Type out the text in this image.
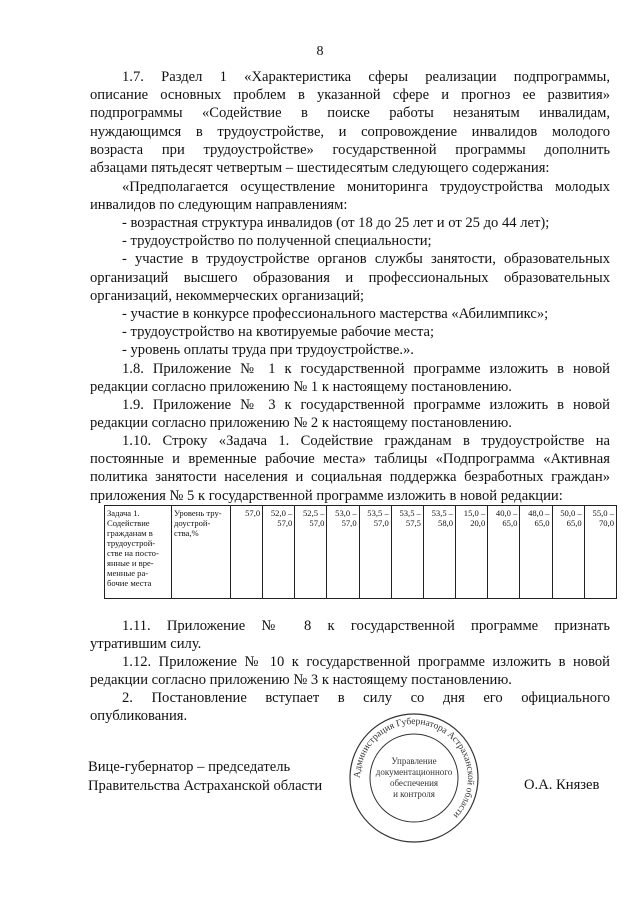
8
1.7. Раздел 1 «Характеристика сферы реализации подпрограммы,
описание основных проблем в указанной сфере и прогноз ее развития»
подпрограммы «Содействие в поиске работы незанятым инвалидам,
нуждающимся в трудоустройстве, и сопровождение инвалидов молодого
возраста при трудоустройстве» государственной программы дополнить
абзацами пятьдесят четвертым – шестидесятым следующего содержания:
«Предполагается осуществление мониторинга трудоустройства молодых
инвалидов по следующим направлениям:
- возрастная структура инвалидов (от 18 до 25 лет и от 25 до 44 лет);
- трудоустройство по полученной специальности;
- участие в трудоустройстве органов службы занятости, образовательных
организаций высшего образования и профессиональных образовательных
организаций, некоммерческих организаций;
- участие в конкурсе профессионального мастерства «Абилимпикс»;
- трудоустройство на квотируемые рабочие места;
- уровень оплаты труда при трудоустройстве.».
1.8. Приложение № 1 к государственной программе изложить в новой
редакции согласно приложению № 1 к настоящему постановлению.
1.9. Приложение № 3 к государственной программе изложить в новой
редакции согласно приложению № 2 к настоящему постановлению.
1.10. Строку «Задача 1. Содействие гражданам в трудоустройстве на
постоянные и временные рабочие места» таблицы «Подпрограмма «Активная
политика занятости населения и социальная поддержка безработных граждан»
приложения № 5 к государственной программе изложить в новой редакции:
Задача 1. Содействие гражданам в трудоустрой-стве на посто-янные и вре-менные ра-бочие места	Уровень тру-доустрой-ства,%	57,0	52,0 – 57,0	52,5 – 57,0	53,0 – 57,0	53,5 – 57,0	53,5 – 57,5	53,5 – 58,0	15,0 – 20,0	40,0 – 65,0	48,0 – 65,0	50,0 – 65,0	55,0 – 70,0
1.11. Приложение № 8 к государственной программе признать
утратившим силу.
1.12. Приложение № 10 к государственной программе изложить в новой
редакции согласно приложению № 3 к настоящему постановлению.
2. Постановление вступает в силу со дня его официального
опубликования.
Администрация Губернатора Астраханской области
Управление
документационного
обеспечения
и контроля
Вице-губернатор – председатель
Правительства Астраханской области	О.А. Князев
